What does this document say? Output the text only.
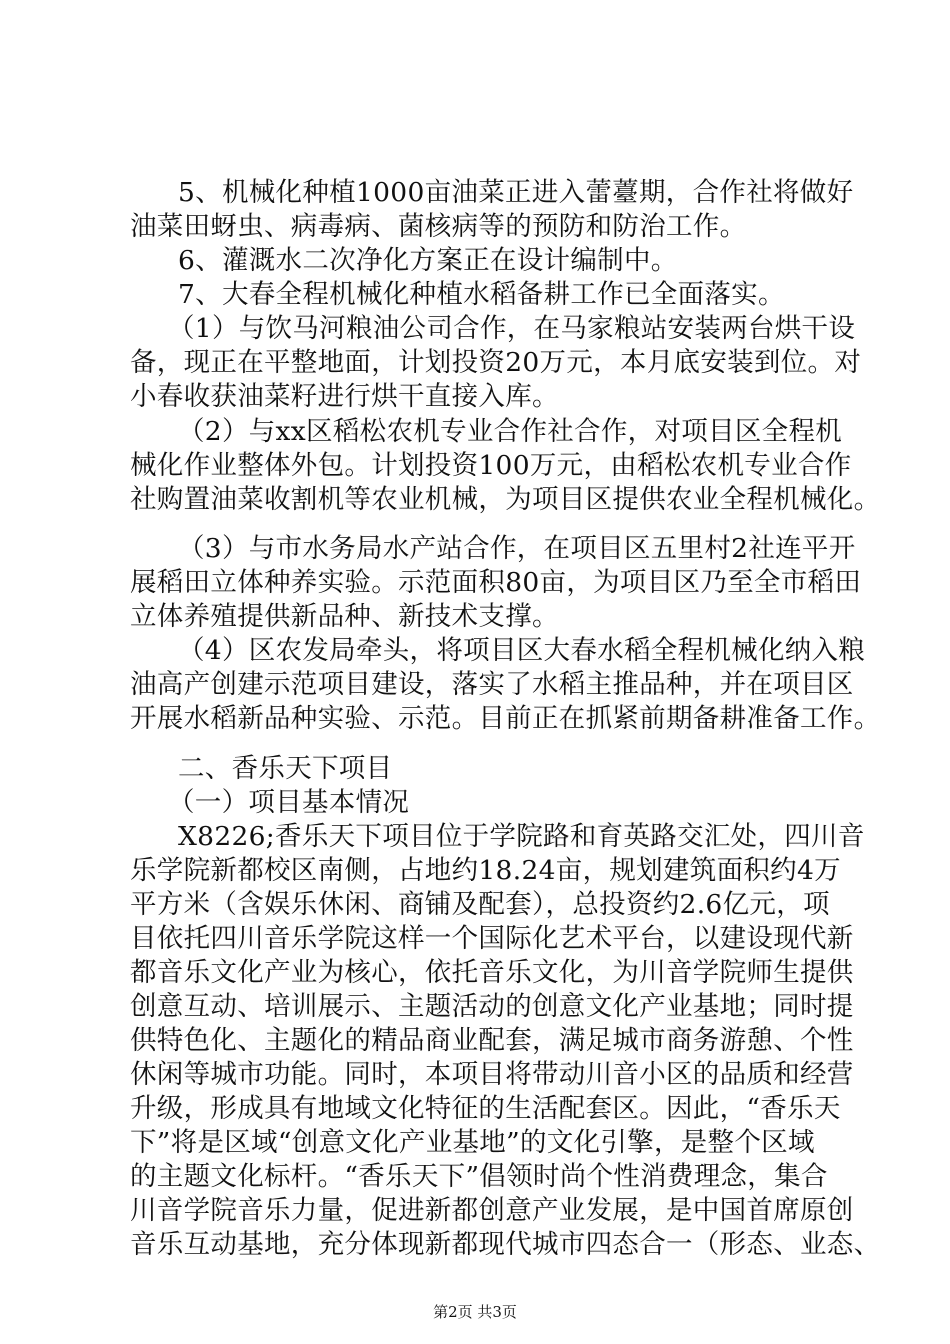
5、机械化种植1000亩油菜正进入蕾薹期，合作社将做好
油菜田蚜虫、病毒病、菌核病等的预防和防治工作。
6、灌溉水二次净化方案正在设计编制中。
7、大春全程机械化种植水稻备耕工作已全面落实。
（1）与饮马河粮油公司合作，在马家粮站安装两台烘干设
备，现正在平整地面，计划投资20万元，本月底安装到位。对
小春收获油菜籽进行烘干直接入库。
（2）与xx区稻松农机专业合作社合作，对项目区全程机
械化作业整体外包。计划投资100万元，由稻松农机专业合作
社购置油菜收割机等农业机械，为项目区提供农业全程机械化。
（3）与市水务局水产站合作，在项目区五里村2社连平开
展稻田立体种养实验。示范面积80亩，为项目区乃至全市稻田
立体养殖提供新品种、新技术支撑。
（4）区农发局牵头，将项目区大春水稻全程机械化纳入粮
油高产创建示范项目建设，落实了水稻主推品种，并在项目区
开展水稻新品种实验、示范。目前正在抓紧前期备耕准备工作。
二、香乐天下项目
（一）项目基本情况
X8226;香乐天下项目位于学院路和育英路交汇处，四川音
乐学院新都校区南侧，占地约18.24亩，规划建筑面积约4万
平方米（含娱乐休闲、商铺及配套），总投资约2.6亿元，项
目依托四川音乐学院这样一个国际化艺术平台，以建设现代新
都音乐文化产业为核心，依托音乐文化，为川音学院师生提供
创意互动、培训展示、主题活动的创意文化产业基地；同时提
供特色化、主题化的精品商业配套，满足城市商务游憩、个性
休闲等城市功能。同时，本项目将带动川音小区的品质和经营
升级，形成具有地域文化特征的生活配套区。因此，“香乐天
下”将是区域“创意文化产业基地”的文化引擎，是整个区域
的主题文化标杆。“香乐天下”倡领时尚个性消费理念，集合
川音学院音乐力量，促进新都创意产业发展，是中国首席原创
音乐互动基地，充分体现新都现代城市四态合一（形态、业态、
第2页 共3页
